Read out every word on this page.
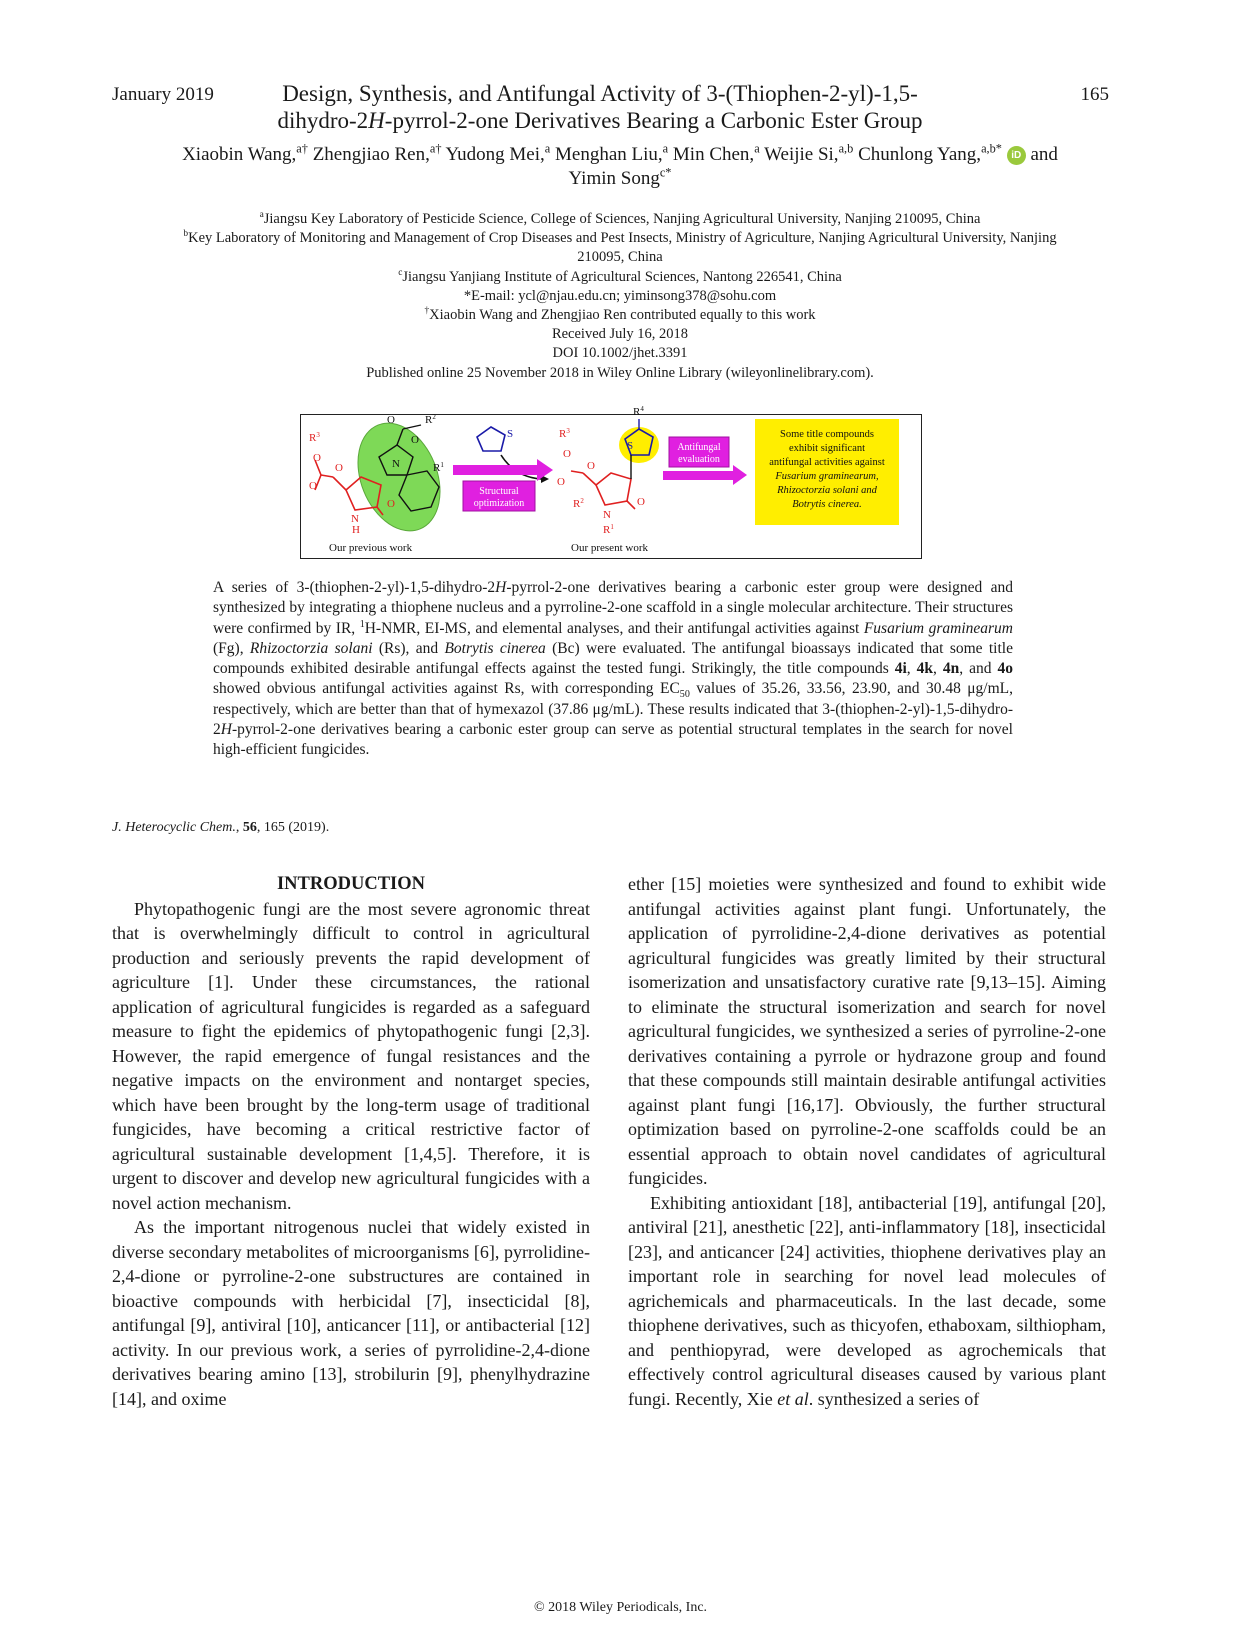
January 2019	165
Design, Synthesis, and Antifungal Activity of 3-(Thiophen-2-yl)-1,5-
dihydro-2H-pyrrol-2-one Derivatives Bearing a Carbonic Ester Group
Xiaobin Wang,$^{a\dagger}$ Zhengjiao Ren,$^{a\dagger}$ Yudong Mei,$^a$ Menghan Liu,$^a$ Min Chen,$^a$ Weijie Si,$^{a,b}$ Chunlong Yang,$^{a,b*}$ iD and
Yimin Song$^{c*}$
$^a$Jiangsu Key Laboratory of Pesticide Science, College of Sciences, Nanjing Agricultural University, Nanjing 210095, China
$^b$Key Laboratory of Monitoring and Management of Crop Diseases and Pest Insects, Ministry of Agriculture, Nanjing Agricultural University, Nanjing 210095, China
$^c$Jiangsu Yanjiang Institute of Agricultural Sciences, Nantong 226541, China
*E-mail: ycl@njau.edu.cn; yiminsong378@sohu.com
†Xiaobin Wang and Zhengjiao Ren contributed equally to this work
Received July 16, 2018
DOI 10.1002/jhet.3391
Published online 25 November 2018 in Wiley Online Library (wileyonlinelibrary.com).
$R^3$
O
O
O
O
N
H
N	$R^1$
$R^2$
O
O
Our previous work
S
Structural
optimization
$R^4$
S
$R^3$
O
O
O
O
$R^2$
N
$R^1$
Our present work
Antifungal
evaluation
Some title compounds
exhibit significant
antifungal activities against
Fusarium graminearum,
Rhizoctorzia solani and
Botrytis cinerea.
A series of 3-(thiophen-2-yl)-1,5-dihydro-2H-pyrrol-2-one derivatives bearing a carbonic ester group were designed and synthesized by integrating a thiophene nucleus and a pyrroline-2-one scaffold in a single molecular architecture. Their structures were confirmed by IR, $^1$H-NMR, EI-MS, and elemental analyses, and their antifungal activities against Fusarium graminearum (Fg), Rhizoctorzia solani (Rs), and Botrytis cinerea (Bc) were evaluated. The antifungal bioassays indicated that some title compounds exhibited desirable antifungal effects against the tested fungi. Strikingly, the title compounds 4i, 4k, 4n, and 4o showed obvious antifungal activities against Rs, with corresponding $EC_{50}$ values of 35.26, 33.56, 23.90, and 30.48 μg/mL, respectively, which are better than that of hymexazol (37.86 μg/mL). These results indicated that 3-(thiophen-2-yl)-1,5-dihydro-2H-pyrrol-2-one derivatives bearing a carbonic ester group can serve as potential structural templates in the search for novel high-efficient fungicides.
J. Heterocyclic Chem., 56, 165 (2019).

INTRODUCTION

Phytopathogenic fungi are the most severe agronomic threat that is overwhelmingly difficult to control in agricultural production and seriously prevents the rapid development of agriculture [1]. Under these circumstances, the rational application of agricultural fungicides is regarded as a safeguard measure to fight the epidemics of phytopathogenic fungi [2,3]. However, the rapid emergence of fungal resistances and the negative impacts on the environment and nontarget species, which have been brought by the long-term usage of traditional fungicides, have becoming a critical restrictive factor of agricultural sustainable development [1,4,5]. Therefore, it is urgent to discover and develop new agricultural fungicides with a novel action mechanism.

As the important nitrogenous nuclei that widely existed in diverse secondary metabolites of microorganisms [6], pyrrolidine-2,4-dione or pyrroline-2-one substructures are contained in bioactive compounds with herbicidal [7], insecticidal [8], antifungal [9], antiviral [10], anticancer [11], or antibacterial [12] activity. In our previous work, a series of pyrrolidine-2,4-dione derivatives bearing amino [13], strobilurin [9], phenylhydrazine [14], and oxime

ether [15] moieties were synthesized and found to exhibit wide antifungal activities against plant fungi. Unfortunately, the application of pyrrolidine-2,4-dione derivatives as potential agricultural fungicides was greatly limited by their structural isomerization and unsatisfactory curative rate [9,13–15]. Aiming to eliminate the structural isomerization and search for novel agricultural fungicides, we synthesized a series of pyrroline-2-one derivatives containing a pyrrole or hydrazone group and found that these compounds still maintain desirable antifungal activities against plant fungi [16,17]. Obviously, the further structural optimization based on pyrroline-2-one scaffolds could be an essential approach to obtain novel candidates of agricultural fungicides.

Exhibiting antioxidant [18], antibacterial [19], antifungal [20], antiviral [21], anesthetic [22], anti-inflammatory [18], insecticidal [23], and anticancer [24] activities, thiophene derivatives play an important role in searching for novel lead molecules of agrichemicals and pharmaceuticals. In the last decade, some thiophene derivatives, such as thicyofen, ethaboxam, silthiopham, and penthiopyrad, were developed as agrochemicals that effectively control agricultural diseases caused by various plant fungi. Recently, Xie et al. synthesized a series of

© 2018 Wiley Periodicals, Inc.
